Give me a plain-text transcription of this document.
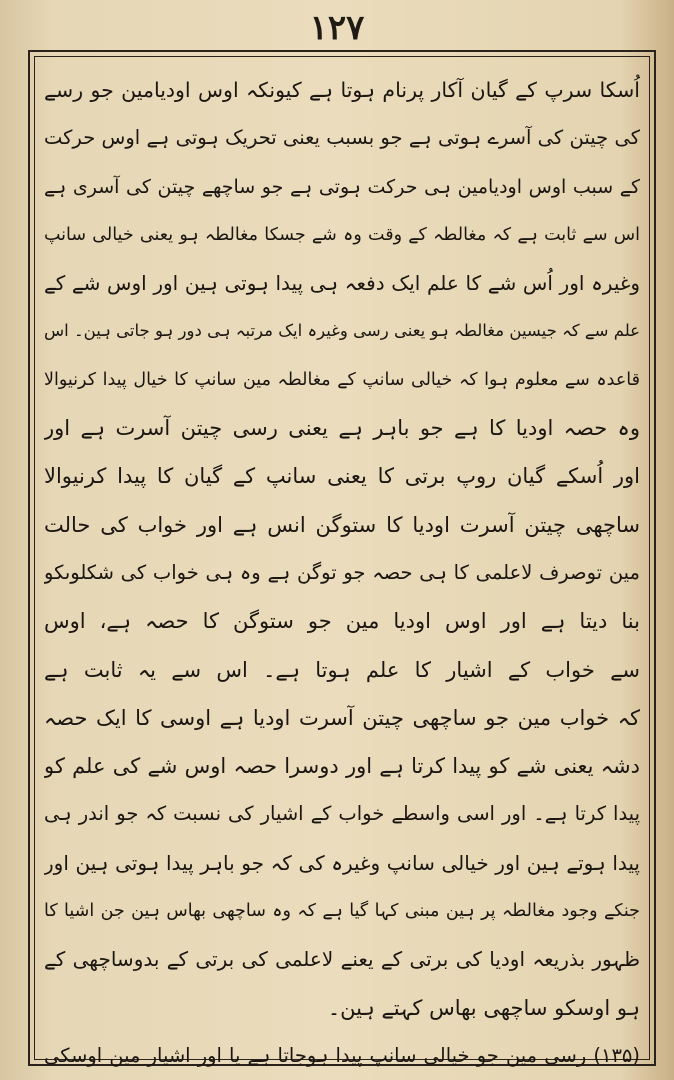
١٢٧
اُسکا سرپ کے گیان آکار پرنام ہوتا ہے کیونکہ اوس اودیامین جو رسے
کی چیتن کی آسرے ہوتی ہے جو بسبب یعنی تحریک ہوتی ہے اوس حرکت
کے سبب اوس اودیامین ہی حرکت ہوتی ہے جو ساچھے چیتن کی آسری ہے
اس سے ثابت ہے کہ مغالطہ کے وقت وہ شے جسکا مغالطہ ہو یعنی خیالی سانپ
وغیرہ اور اُس شے کا علم ایک دفعہ ہی پیدا ہوتی ہین اور اوس شے کے
علم سے کہ جیسین مغالطہ ہو یعنی رسی وغیرہ ایک مرتبہ ہی دور ہو جاتی ہین۔ اس
قاعدہ سے معلوم ہوا کہ خیالی سانپ کے مغالطہ مین سانپ کا خیال پیدا کرنیوالا
وہ حصہ اودیا کا ہے جو باہر ہے یعنی رسی چیتن آسرت ہے اور
اور اُسکے گیان روپ برتی کا یعنی سانپ کے گیان کا پیدا کرنیوالا
ساچھی چیتن آسرت اودیا کا ستوگن انس ہے اور خواب کی حالت
مین توصرف لاعلمی کا ہی حصہ جو توگن ہے وہ ہی خواب کی شکلوںکو
بنا دیتا ہے اور اوس اودیا مین جو ستوگن کا حصہ ہے، اوس
سے خواب کے اشیار کا علم ہوتا ہے۔ اس سے یہ ثابت ہے
کہ خواب مین جو ساچھی چیتن آسرت اودیا ہے اوسی کا ایک حصہ
دشہ یعنی شے کو پیدا کرتا ہے اور دوسرا حصہ اوس شے کی علم کو
پیدا کرتا ہے۔ اور اسی واسطے خواب کے اشیار کی نسبت کہ جو اندر ہی
پیدا ہوتے ہین اور خیالی سانپ وغیرہ کی کہ جو باہر پیدا ہوتی ہین اور
جنکے وجود مغالطہ پر ہین مبنی کہا گیا ہے کہ وہ ساچھی بھاس ہین جن اشیا کا
ظہور بذریعہ اودیا کی برتی کے یعنے لاعلمی کی برتی کے بدوساچھی کے
ہو اوسکو ساچھی بھاس کہتے ہین۔
(۱۳۵) رسی مین جو خیالی سانپ پیدا ہوجاتا ہے یا اور اشیار مین اوسکی
